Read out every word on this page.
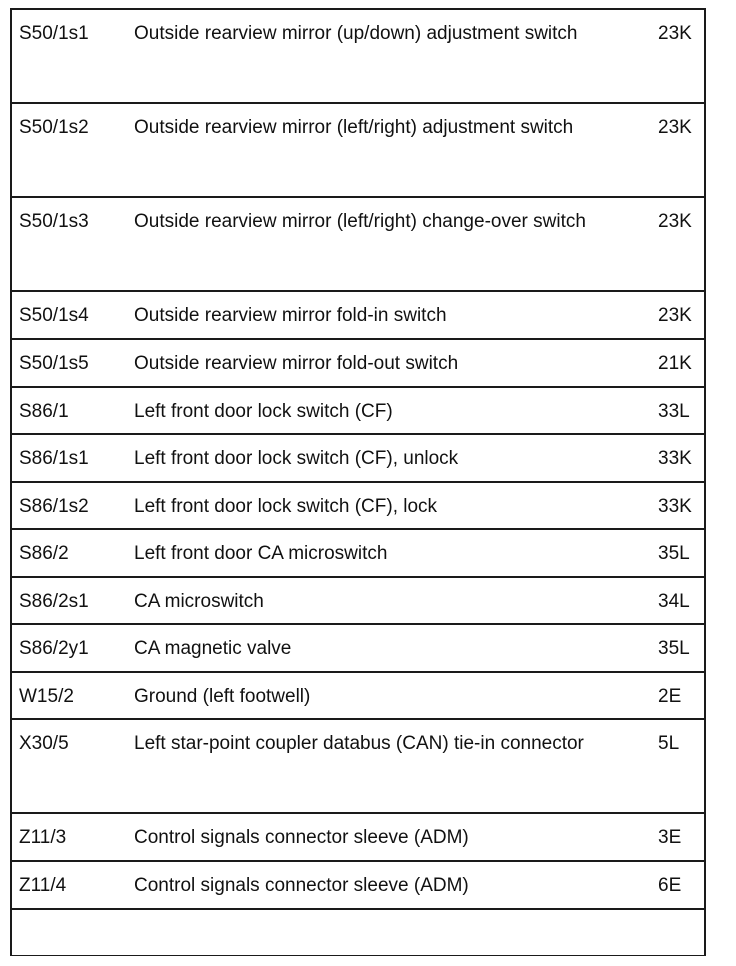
S50/1s1	Outside rearview mirror (up/down) adjustment switch	23K
S50/1s2	Outside rearview mirror (left/right) adjustment switch	23K
S50/1s3	Outside rearview mirror (left/right) change-over switch	23K
S50/1s4	Outside rearview mirror fold-in switch	23K
S50/1s5	Outside rearview mirror fold-out switch	21K
S86/1	Left front door lock switch (CF)	33L
S86/1s1	Left front door lock switch (CF), unlock	33K
S86/1s2	Left front door lock switch (CF), lock	33K
S86/2	Left front door CA microswitch	35L
S86/2s1	CA microswitch	34L
S86/2y1	CA magnetic valve	35L
W15/2	Ground (left footwell)	2E
X30/5	Left star-point coupler databus (CAN) tie-in connector	5L
Z11/3	Control signals connector sleeve (ADM)	3E
Z11/4	Control signals connector sleeve (ADM)	6E
